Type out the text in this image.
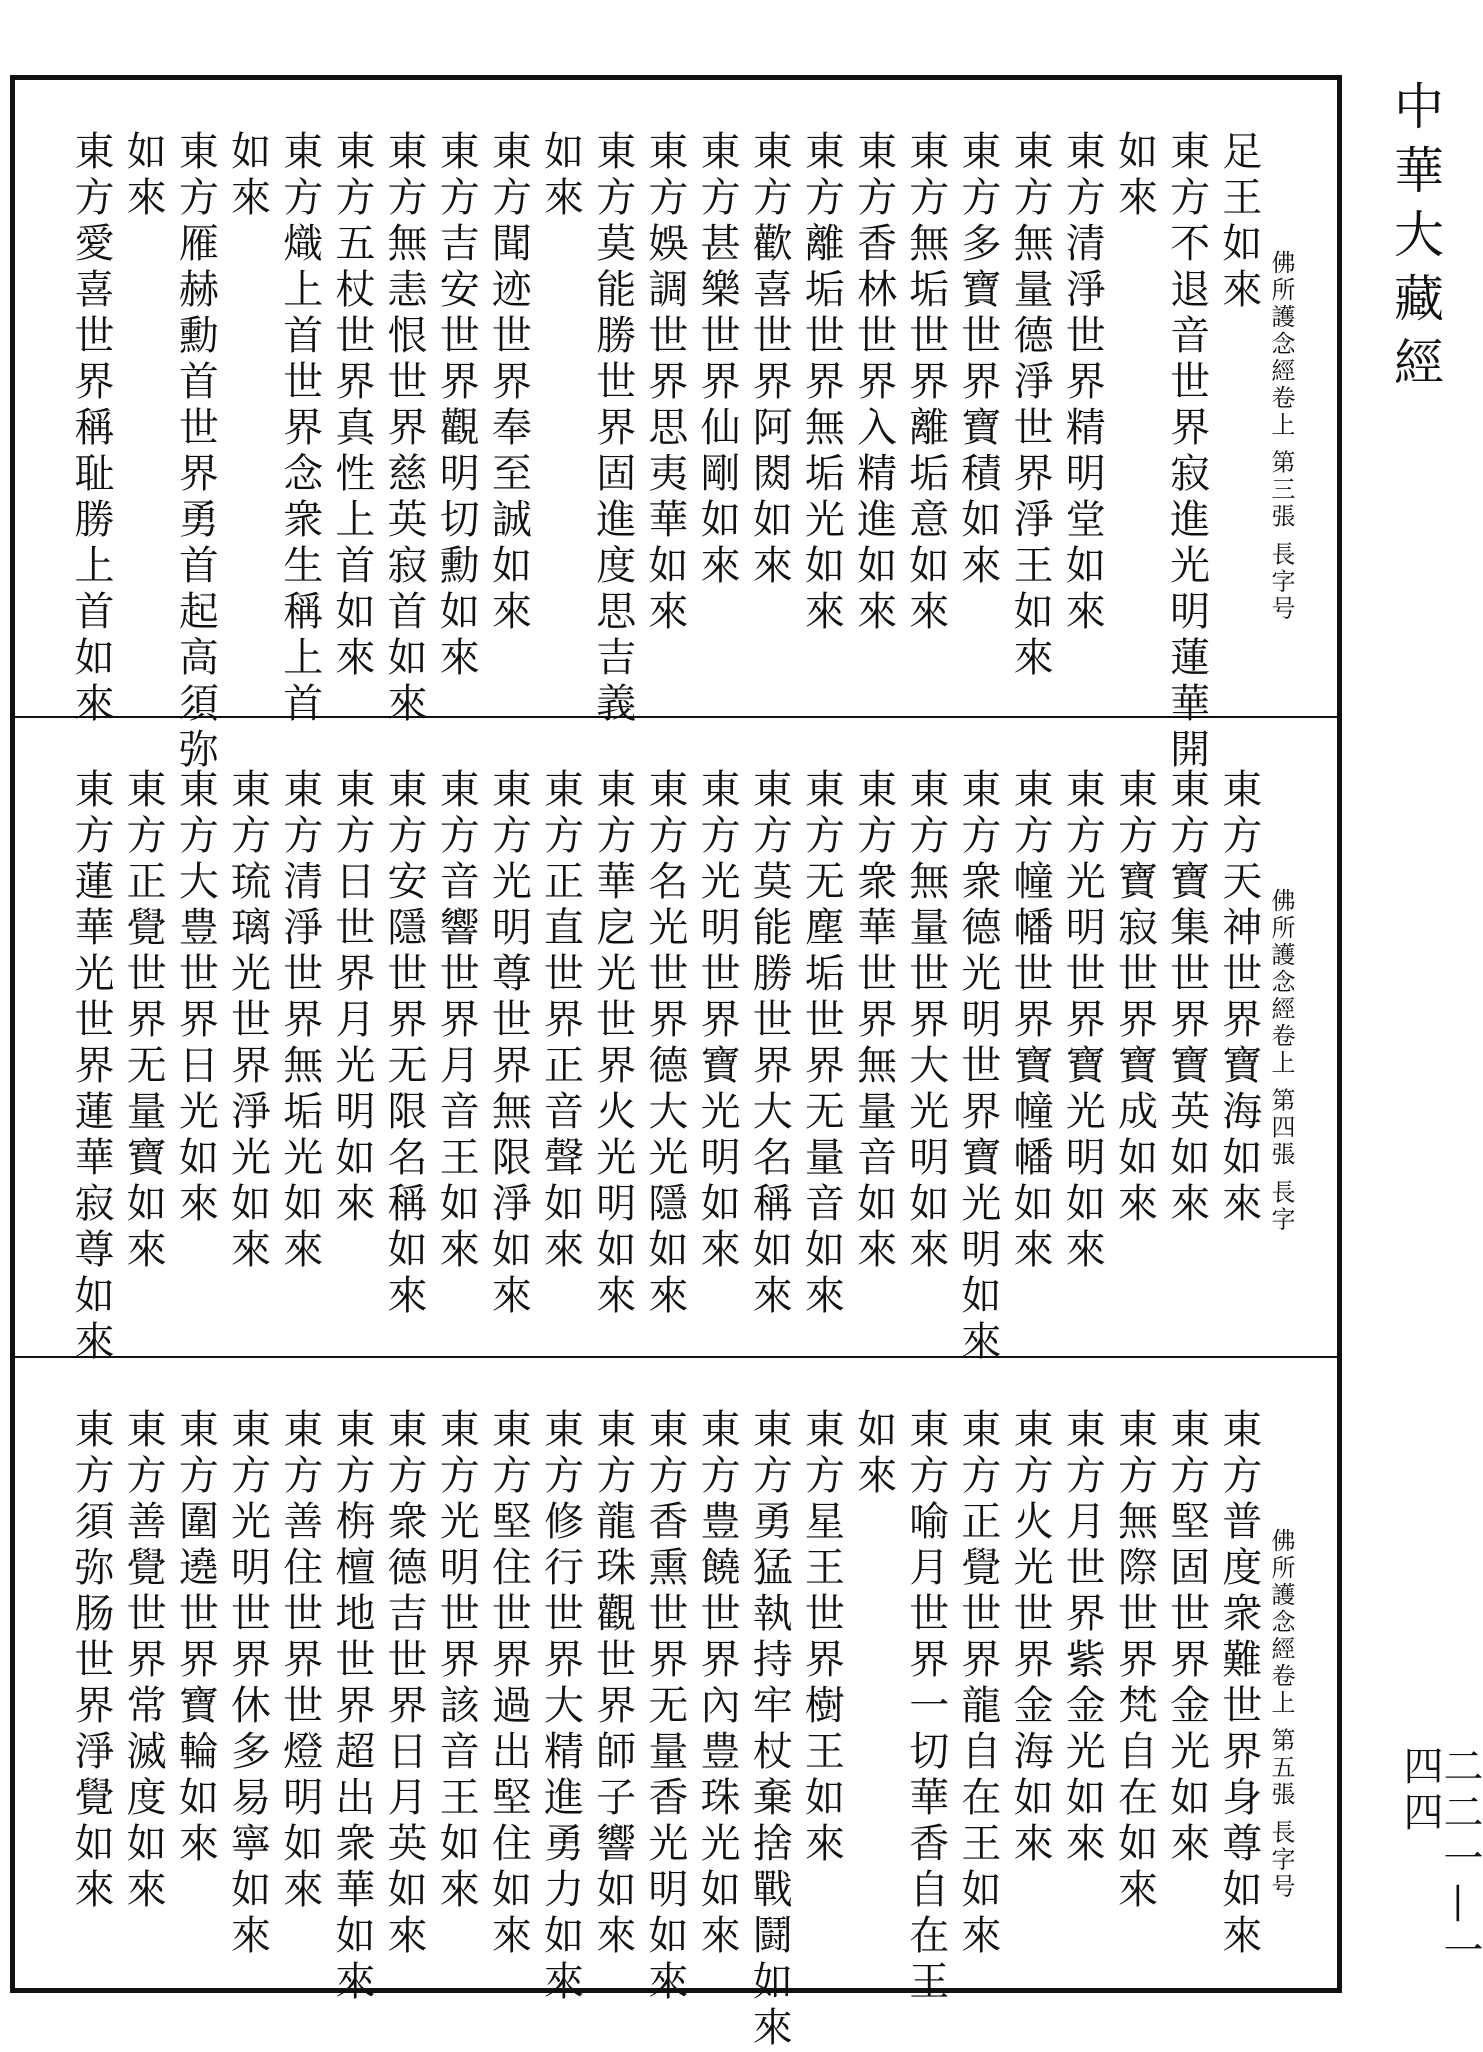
中華大藏經
二二一—一四四
佛所護念經卷上 第三張 長字号
足王如來
東方不退音世界寂進光明蓮華開
如來
東方清淨世界精明堂如來
東方無量德淨世界淨王如來
東方多寶世界寶積如來
東方無垢世界離垢意如來
東方香林世界入精進如來
東方離垢世界無垢光如來
東方歡喜世界阿閦如來
東方甚樂世界仙剛如來
東方娛調世界思夷華如來
東方莫能勝世界固進度思吉義
如來
東方聞迹世界奉至誠如來
東方吉安世界觀明切勳如來
東方無恚恨世界慈英寂首如來
東方五杖世界真性上首如來
東方熾上首世界念衆生稱上首
如來
東方雁赫勳首世界勇首起高須弥
如來
東方愛喜世界稱耻勝上首如來
佛所護念經卷上 第四張 長字
東方天神世界寶海如來
東方寶集世界寶英如來
東方寶寂世界寶成如來
東方光明世界寶光明如來
東方幢幡世界寶幢幡如來
東方衆德光明世界寶光明如來
東方無量世界大光明如來
東方衆華世界無量音如來
東方无塵垢世界无量音如來
東方莫能勝世界大名稱如來
東方光明世界寶光明如來
東方名光世界德大光隱如來
東方華戹光世界火光明如來
東方正直世界正音聲如來
東方光明尊世界無限淨如來
東方音響世界月音王如來
東方安隱世界无限名稱如來
東方日世界月光明如來
東方清淨世界無垢光如來
東方琉璃光世界淨光如來
東方大豊世界日光如來
東方正覺世界无量寶如來
東方蓮華光世界蓮華寂尊如來
佛所護念經卷上 第五張 長字号
東方普度衆難世界身尊如來
東方堅固世界金光如來
東方無際世界梵自在如來
東方月世界紫金光如來
東方火光世界金海如來
東方正覺世界龍自在王如來
東方喻月世界一切華香自在王
如來
東方星王世界樹王如來
東方勇猛執持牢杖棄捨戰鬪如來
東方豊饒世界內豊珠光如來
東方香熏世界无量香光明如來
東方龍珠觀世界師子響如來
東方修行世界大精進勇力如來
東方堅住世界過出堅住如來
東方光明世界該音王如來
東方衆德吉世界日月英如來
東方栴檀地世界超出衆華如來
東方善住世界世燈明如來
東方光明世界休多易寧如來
東方圍遶世界寶輪如來
東方善覺世界常滅度如來
東方須弥肠世界淨覺如來
